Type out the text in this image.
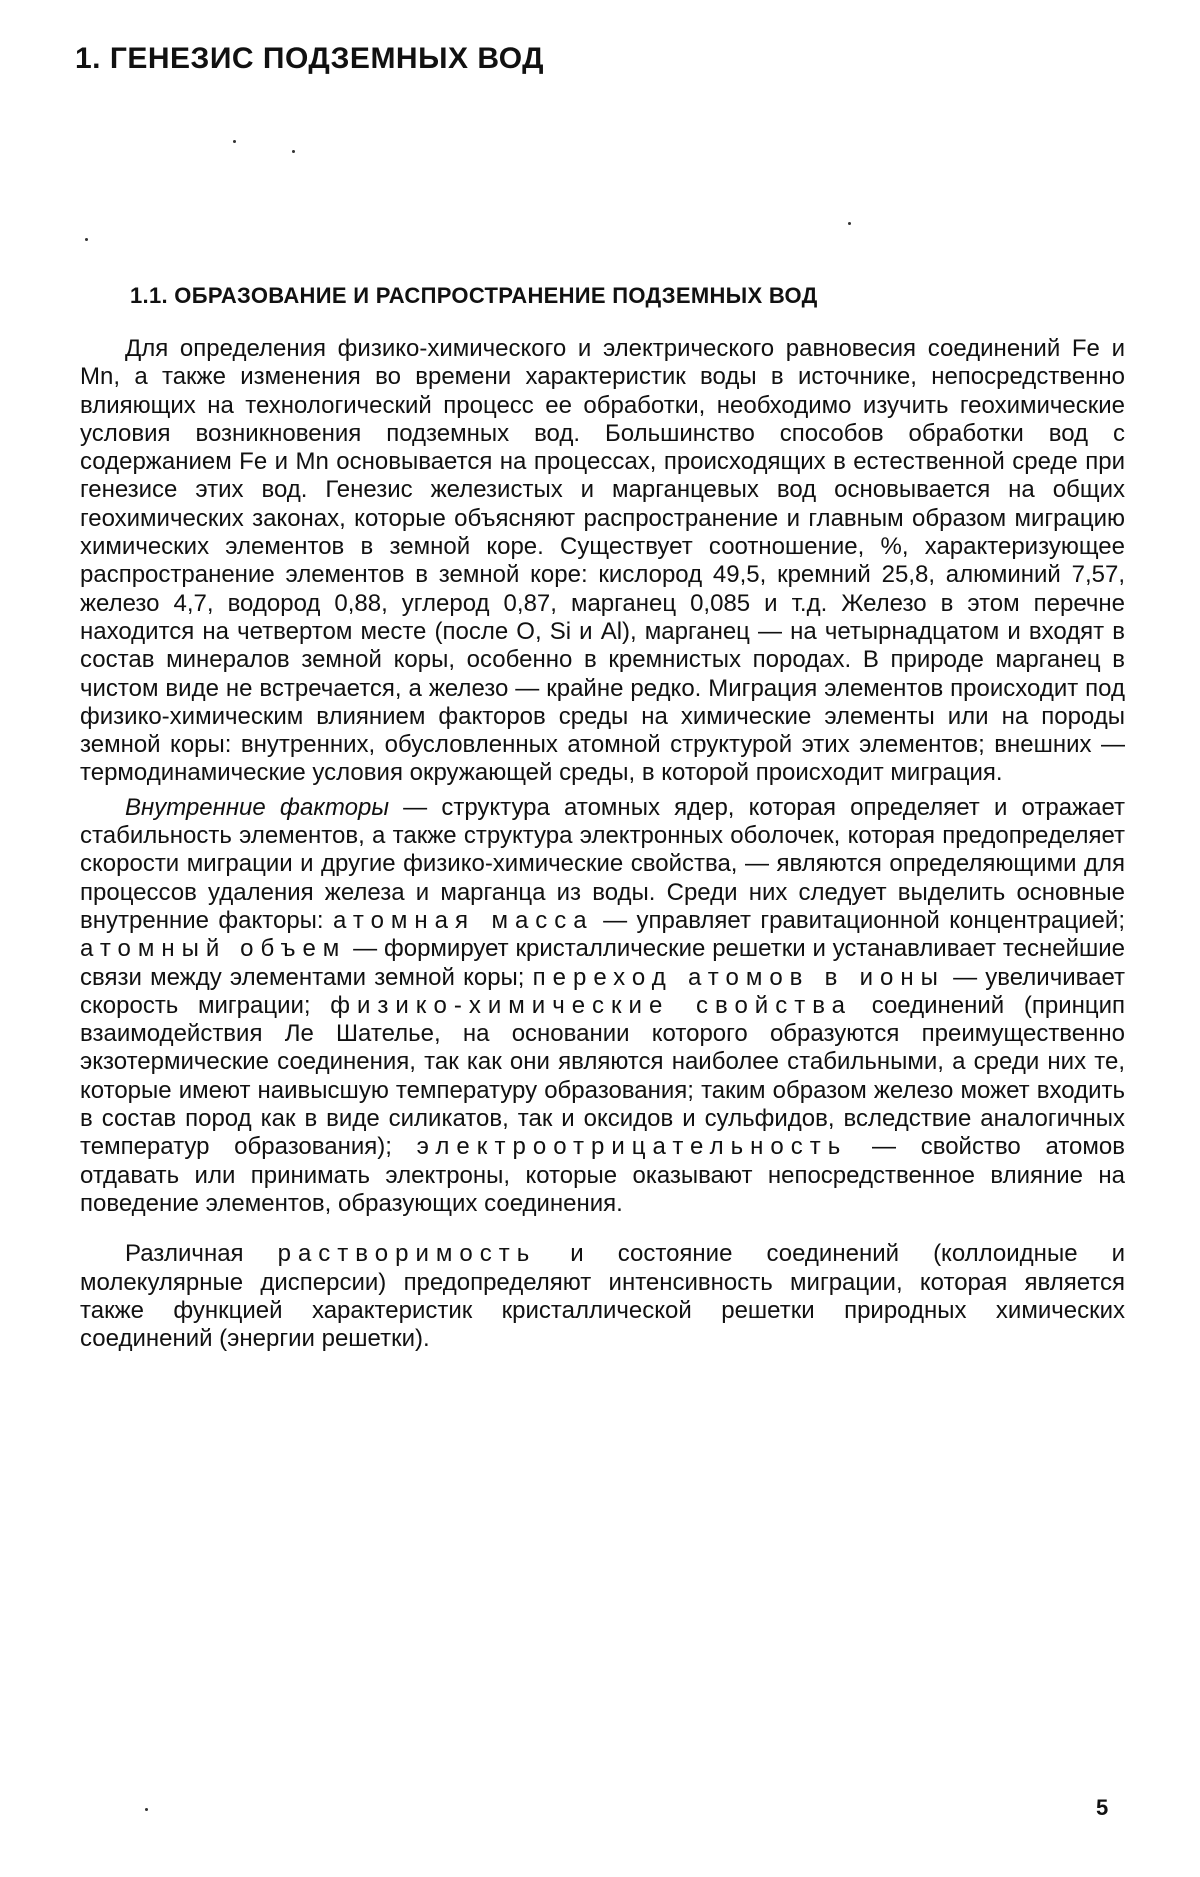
1. ГЕНЕЗИС ПОДЗЕМНЫХ ВОД
1.1. ОБРАЗОВАНИЕ И РАСПРОСТРАНЕНИЕ ПОДЗЕМНЫХ ВОД

Для определения физико-химического и электрического равновесия соединений Fe и Mn, а также изменения во времени характеристик воды в источнике, непосредственно влияющих на технологический процесс ее обработки, необходимо изучить геохимические условия возникновения подземных вод. Большинство способов обработки вод с содержанием Fe и Mn основывается на процессах, происходящих в естественной среде при генезисе этих вод. Генезис железистых и марганцевых вод основывается на общих геохимических законах, которые объясняют распространение и главным образом миграцию химических элементов в земной коре. Существует соотношение, %, характеризующее распространение элементов в земной коре: кислород 49,5, кремний 25,8, алюминий 7,57, железо 4,7, водород 0,88, углерод 0,87, марганец 0,085 и т.д. Железо в этом перечне находится на четвертом месте (после O, Si и Al), марганец — на четырнадцатом и входят в состав минералов земной коры, особенно в кремнистых породах. В природе марганец в чистом виде не встречается, а железо — крайне редко. Миграция элементов происходит под физико-химическим влиянием факторов среды на химические элементы или на породы земной коры: внутренних, обусловленных атомной структурой этих элементов; внешних — термодинамические условия окружающей среды, в которой происходит миграция.

Внутренние факторы — структура атомных ядер, которая определяет и отражает стабильность элементов, а также структура электронных оболочек, которая предопределяет скорости миграции и другие физико-химические свойства, — являются определяющими для процессов удаления железа и марганца из воды. Среди них следует выделить основные внутренние факторы: атомная масса — управляет гравитационной концентрацией; атомный объем — формирует кристаллические решетки и устанавливает теснейшие связи между элементами земной коры; переход атомов в ионы — увеличивает скорость миграции; физико-химические свойства соединений (принцип взаимодействия Ле Шателье, на основании которого образуются преимущественно экзотермические соединения, так как они являются наиболее стабильными, а среди них те, которые имеют наивысшую температуру образования; таким образом железо может входить в состав пород как в виде силикатов, так и оксидов и сульфидов, вследствие аналогичных температур образования); электроотрицательность — свойство атомов отдавать или принимать электроны, которые оказывают непосредственное влияние на поведение элементов, образующих соединения.

Различная растворимость и состояние соединений (коллоидные и молекулярные дисперсии) предопределяют интенсивность миграции, которая является также функцией характеристик кристаллической решетки природных химических соединений (энергии решетки).

5
